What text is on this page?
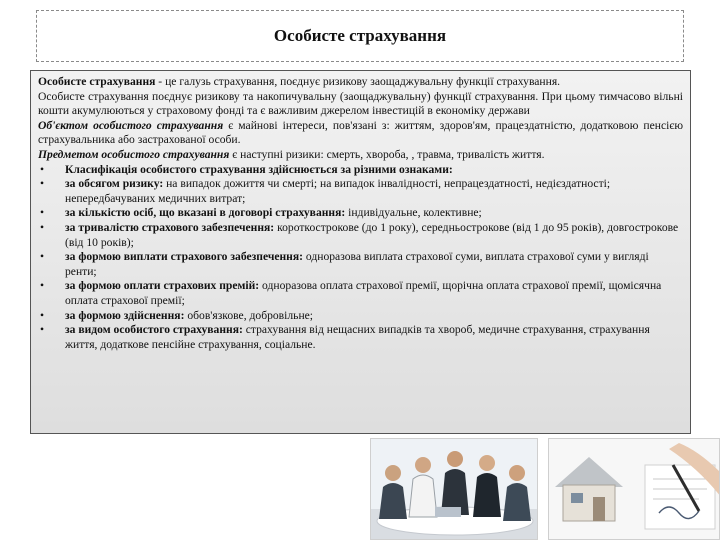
Особисте страхування

Особисте страхування - це галузь страхування, поєднує ризикову заощаджувальну функції страхування.

Особисте страхування поєднує ризикову та накопичувальну (заощаджувальну) функції страхування. При цьому тимчасово вільні кошти акумулюються у страховому фонді та є важливим джерелом інвестицій в економіку держави

Об'єктом особистого страхування є майнові інтереси, пов'язані з: життям, здоров'ям, працездатністю, додатковою пенсією страхувальника або застрахованої особи.

Предметом особистого страхування є наступні ризики: смерть, хвороба, , травма, тривалість життя.

• Класифікація особистого страхування здійснюється за різними ознаками:
• за обсягом ризику: на випадок дожиття чи смерті; на випадок інвалідності, непрацездатності, недієздатності; непередбачуваних медичних витрат;
• за кількістю осіб, що вказані в договорі страхування: індивідуальне, колективне;
• за тривалістю страхового забезпечення: короткострокове (до 1 року), середньострокове (від 1 до 95 років), довгострокове (від 10 років);
• за формою виплати страхового забезпечення: одноразова виплата страхової суми, виплата страхової суми у вигляді ренти;
• за формою оплати страхових премій: одноразова оплата страхової премії, щорічна оплата страхової премії, щомісячна оплата страхової премії;
• за формою здійснення: обов'язкове, добровільне;
• за видом особистого страхування: страхування від нещасних випадків та хвороб, медичне страхування, страхування життя, додаткове пенсійне страхування, соціальне.
